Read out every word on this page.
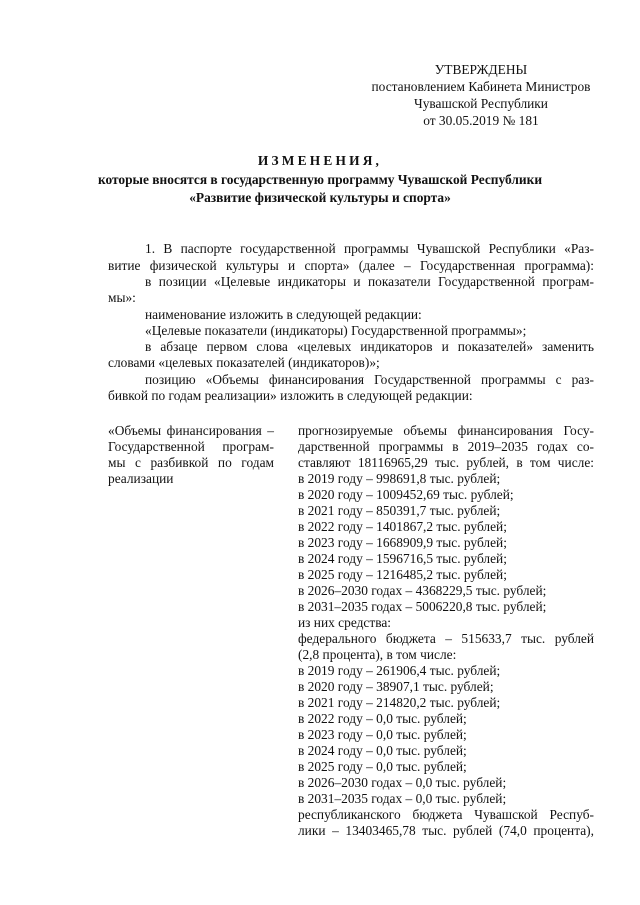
УТВЕРЖДЕНЫ
постановлением Кабинета Министров
Чувашской Республики
от 30.05.2019 № 181
ИЗМЕНЕНИЯ,
которые вносятся в государственную программу Чувашской Республики
«Развитие физической культуры и спорта»
1. В паспорте государственной программы Чувашской Республики «Раз-
витие физической культуры и спорта» (далее – Государственная программа):
в позиции «Целевые индикаторы и показатели Государственной програм-
мы»:
наименование изложить в следующей редакции:
«Целевые показатели (индикаторы) Государственной программы»;
в абзаце первом слова «целевых индикаторов и показателей» заменить
словами «целевых показателей (индикаторов)»;
позицию «Объемы финансирования Государственной программы с раз-
бивкой по годам реализации» изложить в следующей редакции:
«Объемы финансирования –
Государственной програм-
мы с разбивкой по годам
реализации
прогнозируемые объемы финансирования Госу-
дарственной программы в 2019–2035 годах со-
ставляют 18116965,29 тыс. рублей, в том числе:
в 2019 году – 998691,8 тыс. рублей;
в 2020 году – 1009452,69 тыс. рублей;
в 2021 году – 850391,7 тыс. рублей;
в 2022 году – 1401867,2 тыс. рублей;
в 2023 году – 1668909,9 тыс. рублей;
в 2024 году – 1596716,5 тыс. рублей;
в 2025 году – 1216485,2 тыс. рублей;
в 2026–2030 годах – 4368229,5 тыс. рублей;
в 2031–2035 годах – 5006220,8 тыс. рублей;
из них средства:
федерального бюджета – 515633,7 тыс. рублей
(2,8 процента), в том числе:
в 2019 году – 261906,4 тыс. рублей;
в 2020 году – 38907,1 тыс. рублей;
в 2021 году – 214820,2 тыс. рублей;
в 2022 году – 0,0 тыс. рублей;
в 2023 году – 0,0 тыс. рублей;
в 2024 году – 0,0 тыс. рублей;
в 2025 году – 0,0 тыс. рублей;
в 2026–2030 годах – 0,0 тыс. рублей;
в 2031–2035 годах – 0,0 тыс. рублей;
республиканского бюджета Чувашской Респуб-
лики – 13403465,78 тыс. рублей (74,0 процента),
